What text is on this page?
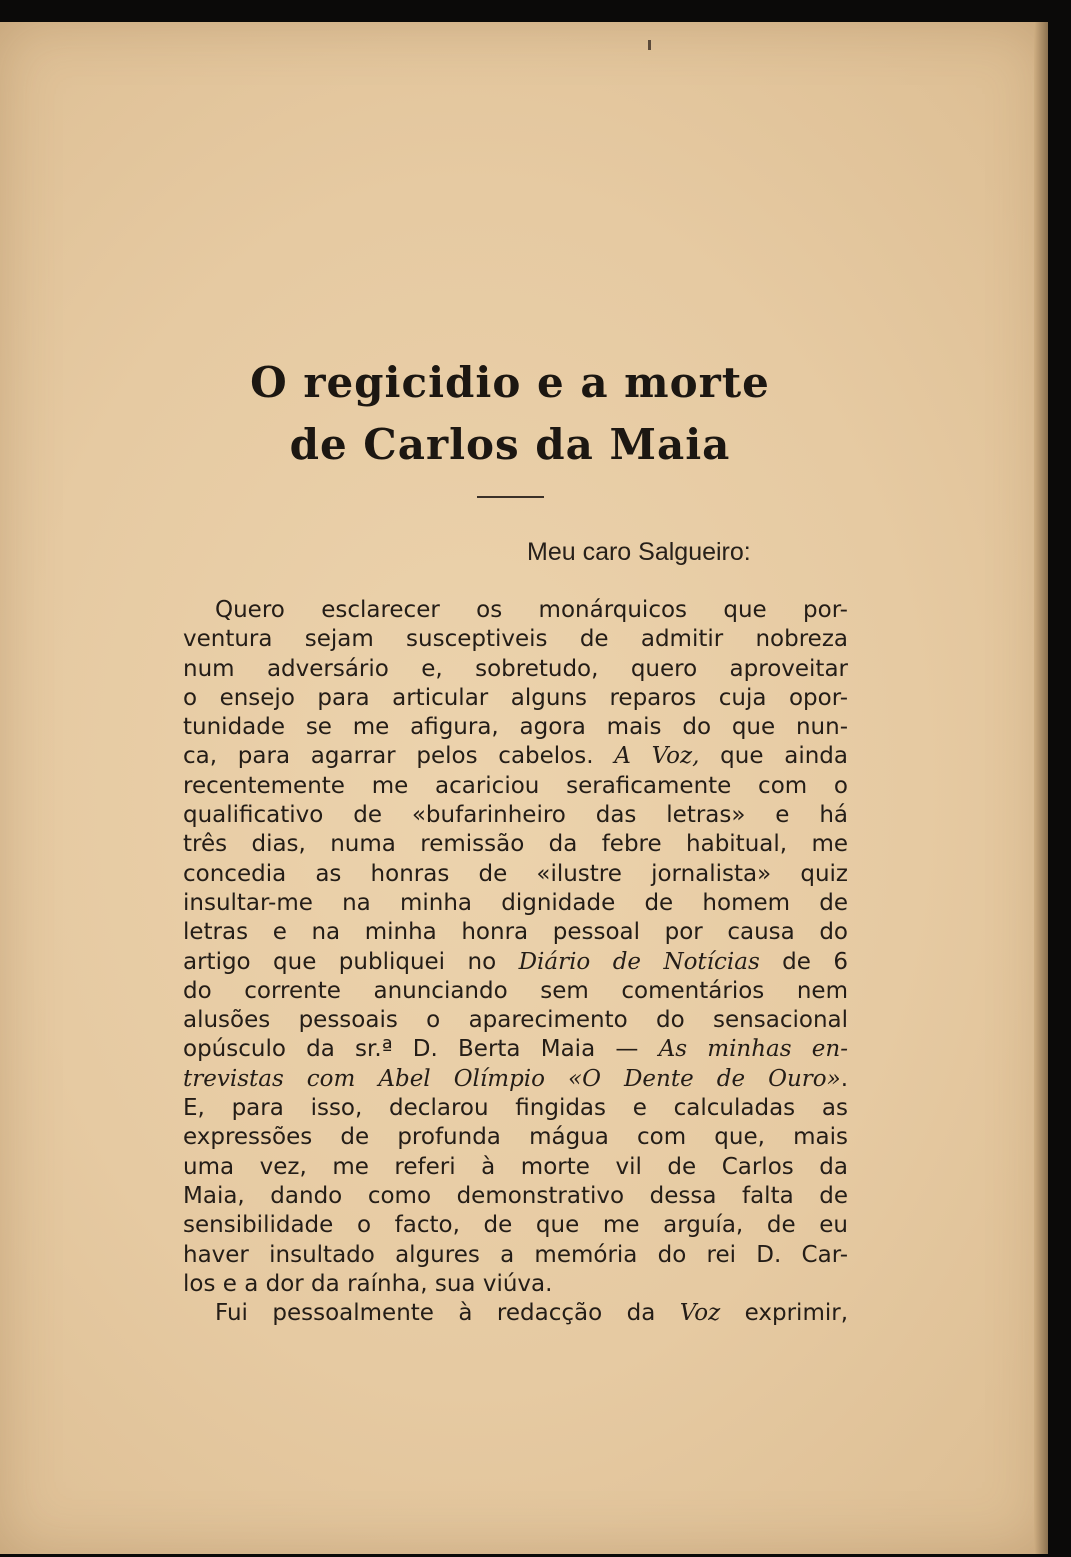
O regicidio e a morte
de Carlos da Maia
Meu caro Salgueiro:
Quero esclarecer os monárquicos que por-
ventura sejam susceptiveis de admitir nobreza
num adversário e, sobretudo, quero aproveitar
o ensejo para articular alguns reparos cuja opor-
tunidade se me afigura, agora mais do que nun-
ca, para agarrar pelos cabelos. A Voz, que ainda
recentemente me acariciou seraficamente com o
qualificativo de «bufarinheiro das letras» e há
três dias, numa remissão da febre habitual, me
concedia as honras de «ilustre jornalista» quiz
insultar-me na minha dignidade de homem de
letras e na minha honra pessoal por causa do
artigo que publiquei no Diário de Notícias de 6
do corrente anunciando sem comentários nem
alusões pessoais o aparecimento do sensacional
opúsculo da sr.ª D. Berta Maia — As minhas en-
trevistas com Abel Olímpio «O Dente de Ouro».
E, para isso, declarou fingidas e calculadas as
expressões de profunda mágua com que, mais
uma vez, me referi à morte vil de Carlos da
Maia, dando como demonstrativo dessa falta de
sensibilidade o facto, de que me arguía, de eu
haver insultado algures a memória do rei D. Car-
los e a dor da raínha, sua viúva.
Fui pessoalmente à redacção da Voz exprimir,
